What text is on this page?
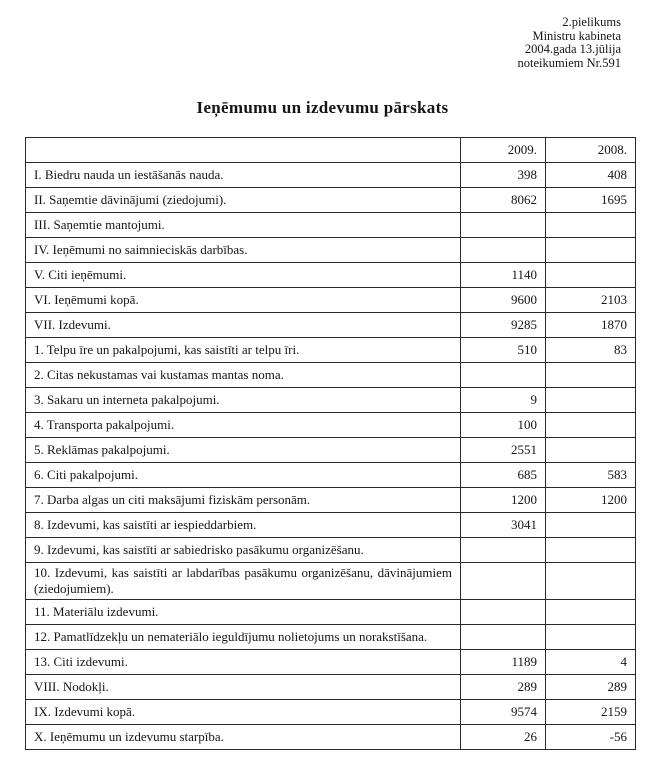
2.pielikums
Ministru kabineta
2004.gada 13.jūlija
noteikumiem Nr.591
Ieņēmumu un izdevumu pārskats
	2009.	2008.
I. Biedru nauda un iestāšanās nauda.	398	408
II. Saņemtie dāvinājumi (ziedojumi).	8062	1695
III. Saņemtie mantojumi.		
IV. Ieņēmumi no saimnieciskās darbības.		
V. Citi ieņēmumi.	1140	
VI. Ieņēmumi kopā.	9600	2103
VII. Izdevumi.	9285	1870
1. Telpu īre un pakalpojumi, kas saistīti ar telpu īri.	510	83
2. Citas nekustamas vai kustamas mantas noma.		
3. Sakaru un interneta pakalpojumi.	9	
4. Transporta pakalpojumi.	100	
5. Reklāmas pakalpojumi.	2551	
6. Citi pakalpojumi.	685	583
7. Darba algas un citi maksājumi fiziskām personām.	1200	1200
8. Izdevumi, kas saistīti ar iespieddarbiem.	3041	
9. Izdevumi, kas saistīti ar sabiedrisko pasākumu organizēšanu.		
10. Izdevumi, kas saistīti ar labdarības pasākumu organizēšanu, dāvinājumiem (ziedojumiem).		
11. Materiālu izdevumi.		
12. Pamatlīdzekļu un nemateriālo ieguldījumu nolietojums un norakstīšana.		
13. Citi izdevumi.	1189	4
VIII. Nodokļi.	289	289
IX. Izdevumi kopā.	9574	2159
X. Ieņēmumu un izdevumu starpība.	26	-56
